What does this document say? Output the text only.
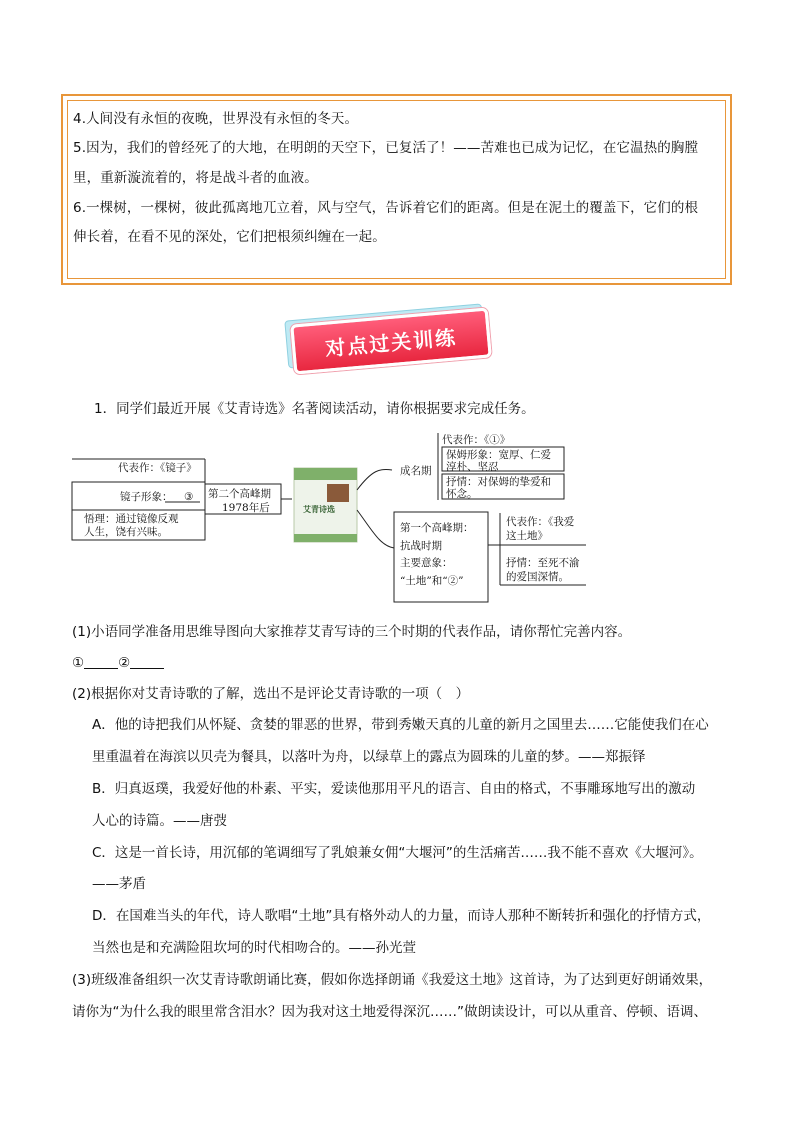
4.人间没有永恒的夜晚，世界没有永恒的冬天。
5.因为，我们的曾经死了的大地，在明朗的天空下，已复活了！——苦难也已成为记忆，在它温热的胸膛
里，重新漩流着的，将是战斗者的血液。
6.一棵树，一棵树，彼此孤离地兀立着，风与空气，告诉着它们的距离。但是在泥土的覆盖下，它们的根
伸长着，在看不见的深处，它们把根须纠缠在一起。
对点过关训练
1．同学们最近开展《艾青诗选》名著阅读活动，请你根据要求完成任务。
代表作：《镜子》
镜子形象： ③
悟理：通过镜像反观
人生，饶有兴味。
第二个高峰期
1978年后	艾青诗选
成名期
代表作：《①》
保姆形象：宽厚、仁爱
淳朴、坚忍
抒情：对保姆的挚爱和
怀念。
第一个高峰期：
抗战时期
主要意象：
“土地”和“②”
代表作：《我爱
这土地》
抒情：至死不渝
的爱国深情。
(1)小语同学准备用思维导图向大家推荐艾青写诗的三个时期的代表作品，请你帮忙完善内容。
①	②
(2)根据你对艾青诗歌的了解，选出不是评论艾青诗歌的一项（　）
A．他的诗把我们从怀疑、贪婪的罪恶的世界，带到秀嫩天真的儿童的新月之国里去……它能使我们在心
里重温着在海滨以贝壳为餐具，以落叶为舟，以绿草上的露点为圆珠的儿童的梦。——郑振铎
B．归真返璞，我爱好他的朴素、平实，爱读他那用平凡的语言、自由的格式，不事雕琢地写出的激动
人心的诗篇。——唐弢
C．这是一首长诗，用沉郁的笔调细写了乳娘兼女佣“大堰河”的生活痛苦……我不能不喜欢《大堰河》。
——茅盾
D．在国难当头的年代，诗人歌唱“土地”具有格外动人的力量，而诗人那种不断转折和强化的抒情方式，
当然也是和充满险阻坎坷的时代相吻合的。——孙光萱
(3)班级准备组织一次艾青诗歌朗诵比赛，假如你选择朗诵《我爱这土地》这首诗，为了达到更好朗诵效果，
请你为“为什么我的眼里常含泪水？因为我对这土地爱得深沉……”做朗读设计，可以从重音、停顿、语调、
